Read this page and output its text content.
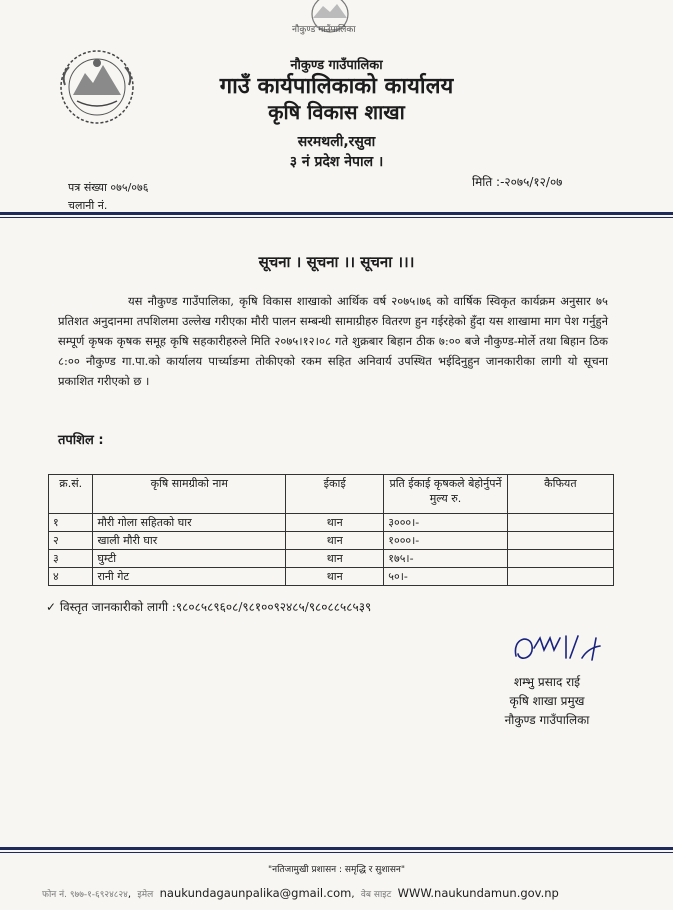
नौकुण्ड गाउँपालिका
नौकुण्ड गाउँपालिका
गाउँ कार्यपालिकाको कार्यालय
कृषि विकास शाखा
सरमथली,रसुवा
३ नं प्रदेश नेपाल ।
मिति :-२०७५/१२/०७
पत्र संख्या ०७५/०७६
चलानी नं.
सूचना । सूचना ।। सूचना ।।।

यस नौकुण्ड गाउँपालिका, कृषि विकास शाखाको आर्थिक वर्ष २०७५।७६ को वार्षिक स्विकृत कार्यक्रम अनुसार ७५ प्रतिशत अनुदानमा तपशिलमा उल्लेख गरीएका मौरी पालन सम्बन्धी सामाग्रीहरु वितरण हुन गईरहेको हुँदा यस शाखामा माग पेश गर्नुहुने सम्पूर्ण कृषक कृषक समूह कृषि सहकारीहरुले मिति २०७५।१२।०८ गते शुक्रबार बिहान ठीक ७:०० बजे नौकुण्ड-मोर्ले तथा बिहान ठिक ८:०० नौकुण्ड गा.पा.को कार्यालय पार्च्याङमा तोकीएको रकम सहित अनिवार्य उपस्थित भईदिनुहुन जानकारीका लागी यो सूचना प्रकाशित गरीएको छ ।

तपशिल :
क्र.सं.	कृषि सामग्रीको नाम	ईकाई	प्रति ईकाई कृषकले बेहोर्नुपर्ने मुल्य रु.	कैफियत
१	मौरी गोला सहितको घार	थान	३०००।-	
२	खाली मौरी घार	थान	१०००।-	
३	घुम्टी	थान	१७५।-	
४	रानी गेट	थान	५०।-	
✓ विस्तृत जानकारीको लागी :९८०८५८९६०८/९८१००९२४८५/९८०८८५८५३९
शम्भु प्रसाद राई
कृषि शाखा प्रमुख
नौकुण्ड गाउँपालिका
"नतिजामुखी प्रशासन : समृद्धि र सुशासन"
फोन नं. ९७७-१-६९२४८२४,  इमेल naukundagaunpalika@gmail.com,  वेब साइट WWW.naukundamun.gov.np
